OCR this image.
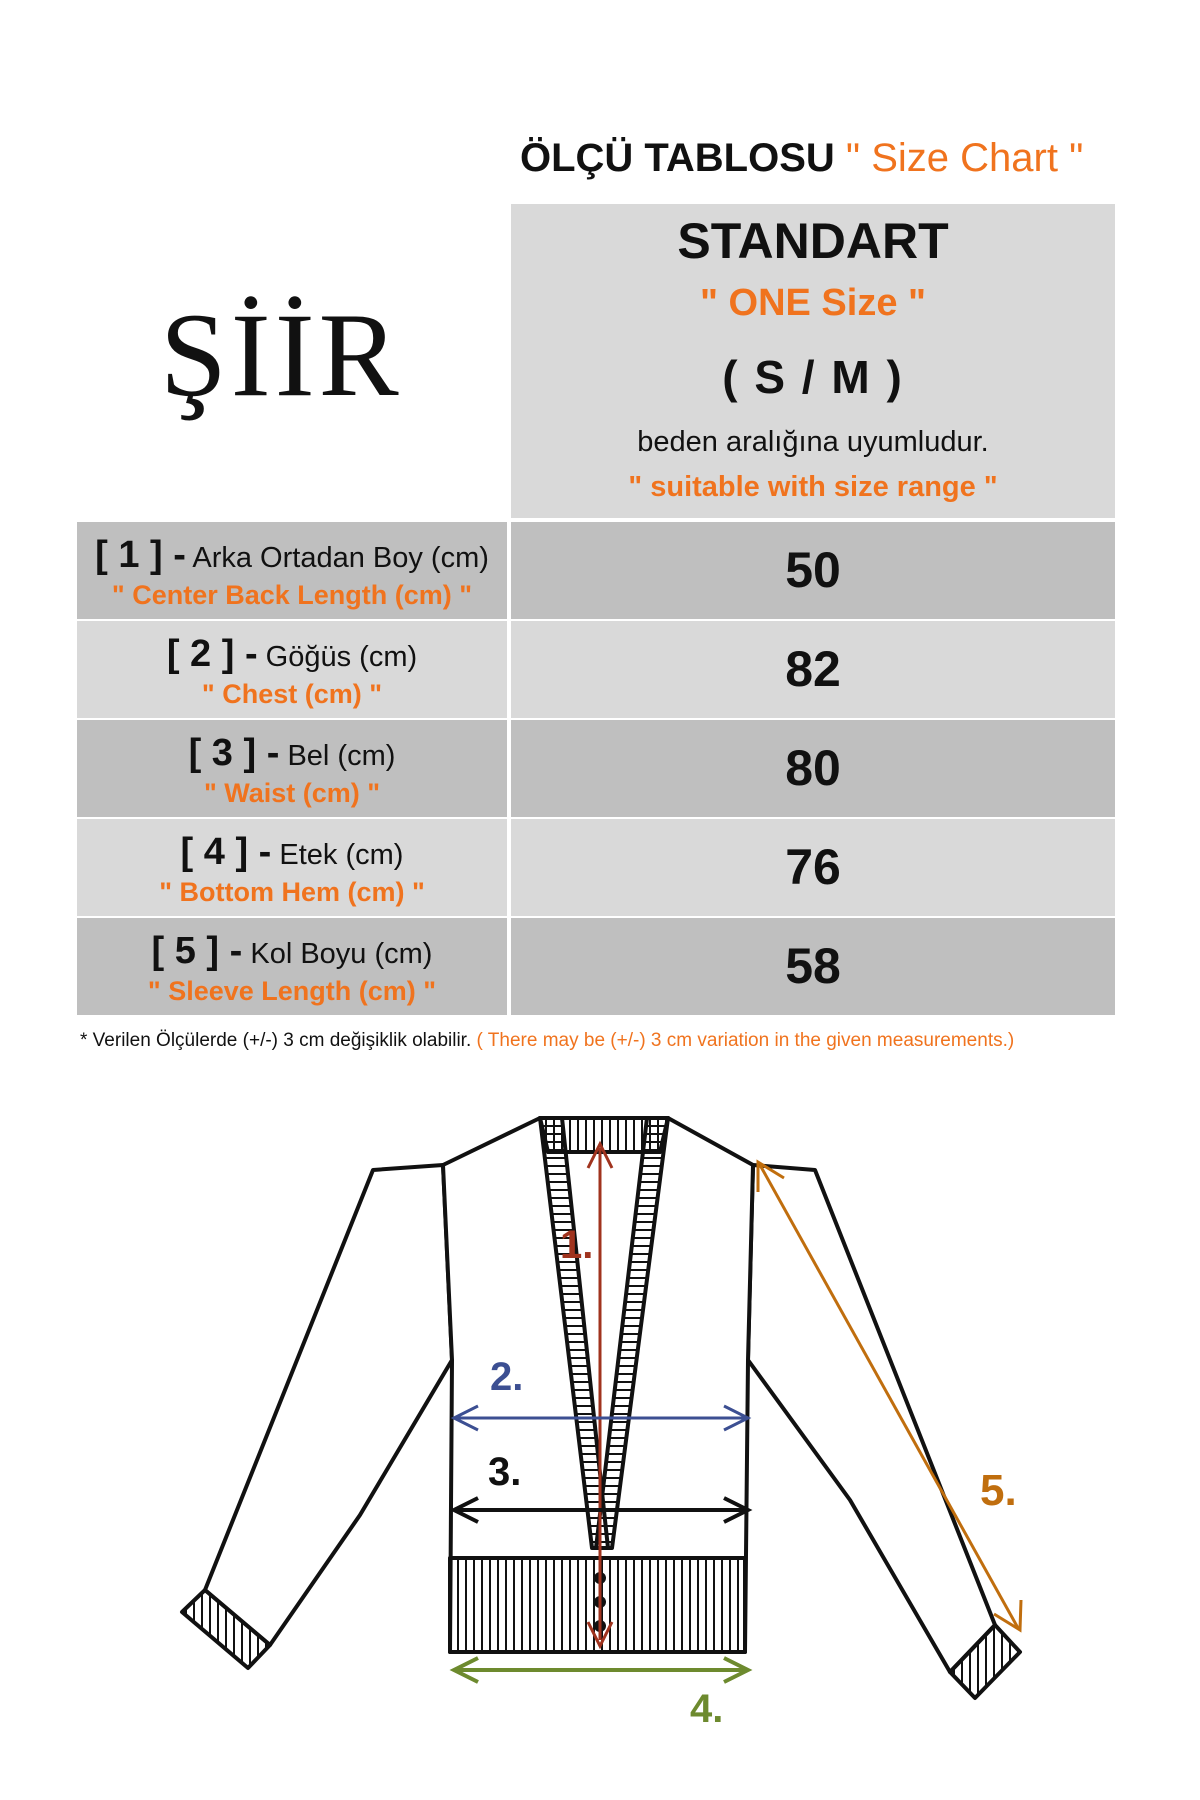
ÖLÇÜ TABLOSU " Size Chart "
ŞİİR
STANDART
" ONE Size "
( S / M )
beden aralığına uyumludur.
" suitable with size range "
[ 1 ] - Arka Ortadan Boy (cm)
" Center Back Length (cm) "	50
[ 2 ] - Göğüs (cm)
" Chest (cm) "	82
[ 3 ] - Bel (cm)
" Waist (cm) "	80
[ 4 ] - Etek (cm)
" Bottom Hem (cm) "	76
[ 5 ] - Kol Boyu (cm)
" Sleeve Length (cm) "	58
* Verilen Ölçülerde (+/-) 3 cm değişiklik olabilir. ( There may be (+/-) 3 cm variation in the given measurements.)
1.
2.
3.
4.
5.
